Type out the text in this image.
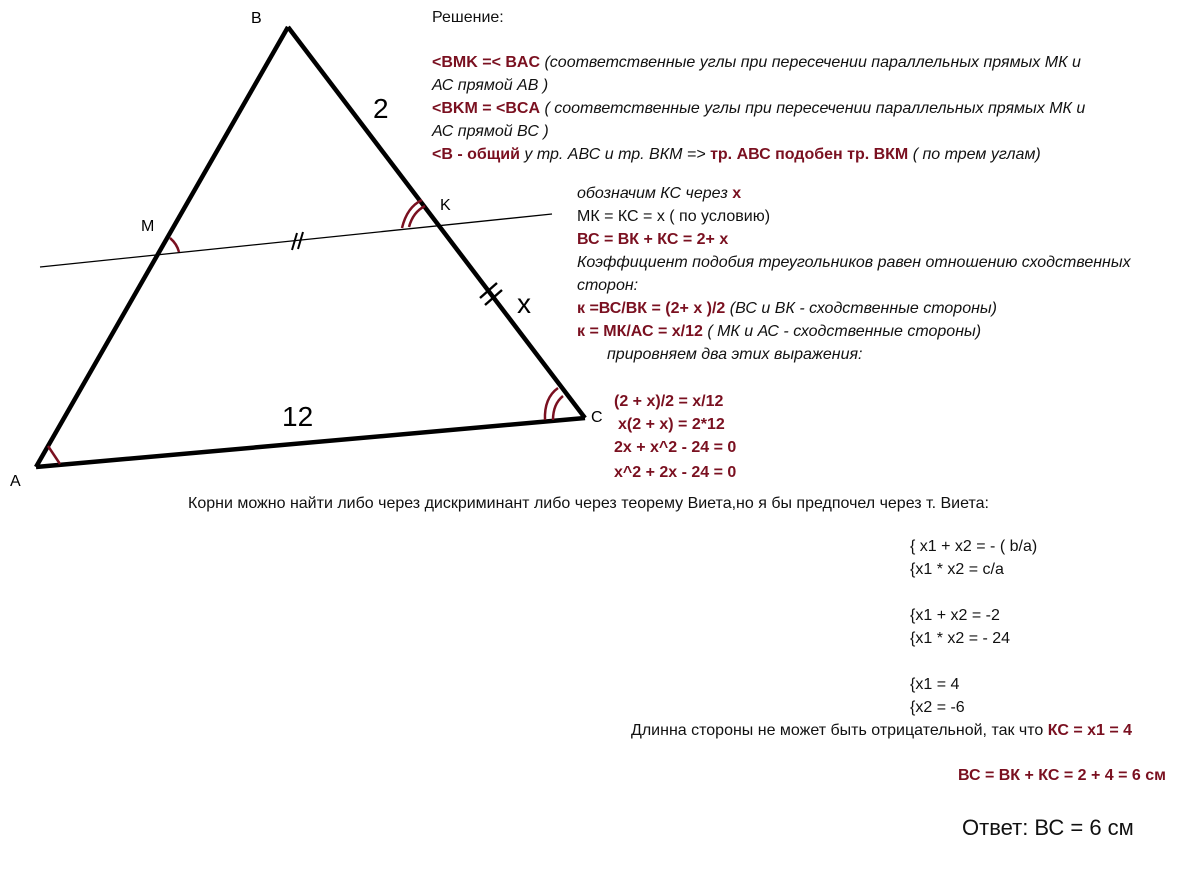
B
A
C
M
K
2
x
12
Решение:
<BMK =< BAC (соответственные углы при пересечении параллельных прямых МК и
АС прямой АВ )
<BKM = <BCA ( соответственные углы при пересечении параллельных прямых МК и
АС прямой ВС )
<B - общий у тр. АВС и тр. ВКМ => тр. АВС подобен тр. ВКМ ( по трем углам)
обозначим КС через x
МК = КС = х ( по условию)
ВС = ВК + КС = 2+ х
Коэффициент подобия треугольников равен отношению сходственных
сторон:
к =ВС/ВК = (2+ х )/2 (ВС и ВК - сходственные стороны)
к = МК/АС = х/12 ( МК и АС - сходственные стороны)
прировняем два этих выражения:
(2 + x)/2 = x/12
x(2 + x) = 2*12
2x + x^2 - 24 = 0
x^2 + 2x - 24 = 0
Корни можно найти либо через дискриминант либо через теорему Виета,но я бы предпочел через т. Виета:
{ x1 + x2 = - ( b/a)
{x1 * x2 = c/a
{x1 + x2 = -2
{x1 * x2 = - 24
{x1 = 4
{x2 = -6
Длинна стороны не может быть отрицательной, так что КС = x1 = 4
ВС = ВК + КС = 2 + 4 = 6 см
Ответ: ВС = 6 см
